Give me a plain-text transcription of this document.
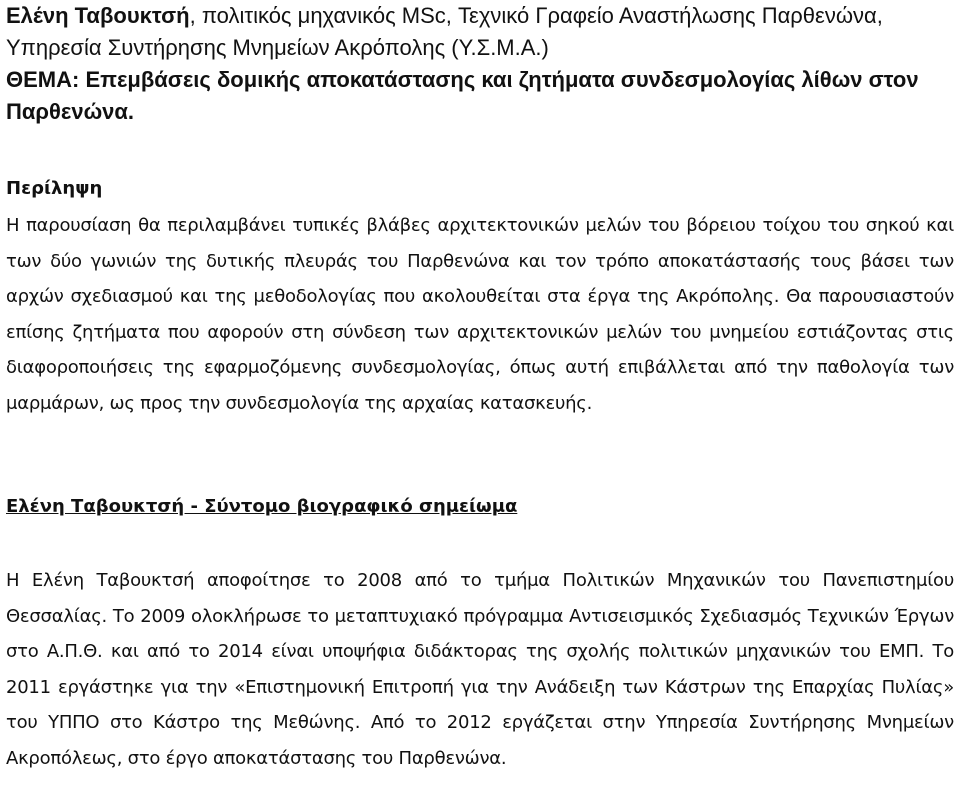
Ελένη Ταβουκτσή, πολιτικός μηχανικός MSc, Τεχνικό Γραφείο Αναστήλωσης Παρθενώνα, Υπηρεσία Συντήρησης Μνημείων Ακρόπολης (Υ.Σ.Μ.Α.)
ΘΕΜΑ: Επεμβάσεις δομικής αποκατάστασης και ζητήματα συνδεσμολογίας λίθων στον Παρθενώνα.
Περίληψη
Η παρουσίαση θα περιλαμβάνει τυπικές βλάβες αρχιτεκτονικών μελών του βόρειου τοίχου του σηκού και των δύο γωνιών της δυτικής πλευράς του Παρθενώνα και τον τρόπο αποκατάστασής τους βάσει των αρχών σχεδιασμού και της μεθοδολογίας που ακολουθείται στα έργα της Ακρόπολης. Θα παρουσιαστούν επίσης ζητήματα που αφορούν στη σύνδεση των αρχιτεκτονικών μελών του μνημείου εστιάζοντας στις διαφοροποιήσεις της εφαρμοζόμενης συνδεσμολογίας, όπως αυτή επιβάλλεται από την παθολογία των μαρμάρων, ως προς την συνδεσμολογία της αρχαίας κατασκευής.
Ελένη Ταβουκτσή - Σύντομο βιογραφικό σημείωμα
Η Ελένη Ταβουκτσή αποφοίτησε το 2008 από το τμήμα Πολιτικών Μηχανικών του Πανεπιστημίου Θεσσαλίας. Το 2009 ολοκλήρωσε το μεταπτυχιακό πρόγραμμα Αντισεισμικός Σχεδιασμός Τεχνικών Έργων στο Α.Π.Θ. και από το 2014 είναι υποψήφια διδάκτορας της σχολής πολιτικών μηχανικών του ΕΜΠ. Το 2011 εργάστηκε για την «Επιστημονική Επιτροπή για την Ανάδειξη των Κάστρων της Επαρχίας Πυλίας» του ΥΠΠΟ στο Κάστρο της Μεθώνης. Από το 2012 εργάζεται στην Υπηρεσία Συντήρησης Μνημείων Ακροπόλεως, στο έργο αποκατάστασης του Παρθενώνα.
